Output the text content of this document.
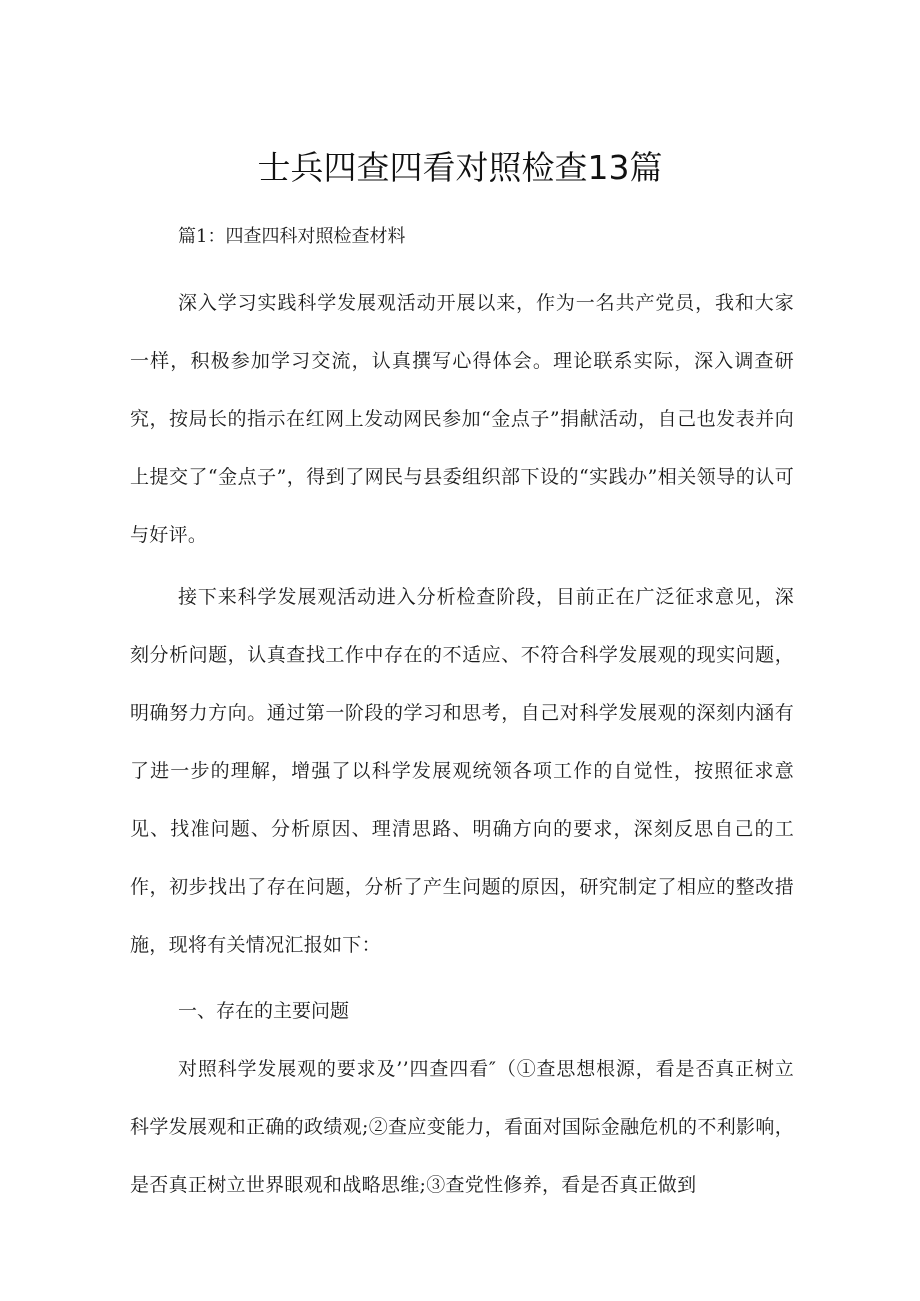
士兵四查四看对照检查13篇

篇1：四查四科对照检查材料

深入学习实践科学发展观活动开展以来，作为一名共产党员，我和大家一样，积极参加学习交流，认真撰写心得体会。理论联系实际，深入调查研究，按局长的指示在红网上发动网民参加“金点子”捐献活动，自己也发表并向上提交了“金点子”，得到了网民与县委组织部下设的“实践办”相关领导的认可与好评。

接下来科学发展观活动进入分析检查阶段，目前正在广泛征求意见，深刻分析问题，认真查找工作中存在的不适应、不符合科学发展观的现实问题，明确努力方向。通过第一阶段的学习和思考，自己对科学发展观的深刻内涵有了进一步的理解，增强了以科学发展观统领各项工作的自觉性，按照征求意见、找准问题、分析原因、理清思路、明确方向的要求，深刻反思自己的工作，初步找出了存在问题，分析了产生问题的原因，研究制定了相应的整改措施，现将有关情况汇报如下：

一、存在的主要问题

对照科学发展观的要求及’’四查四看″（①查思想根源，看是否真正树立科学发展观和正确的政绩观;②查应变能力，看面对国际金融危机的不利影响，是否真正树立世界眼观和战略思维;③查党性修养，看是否真正做到
